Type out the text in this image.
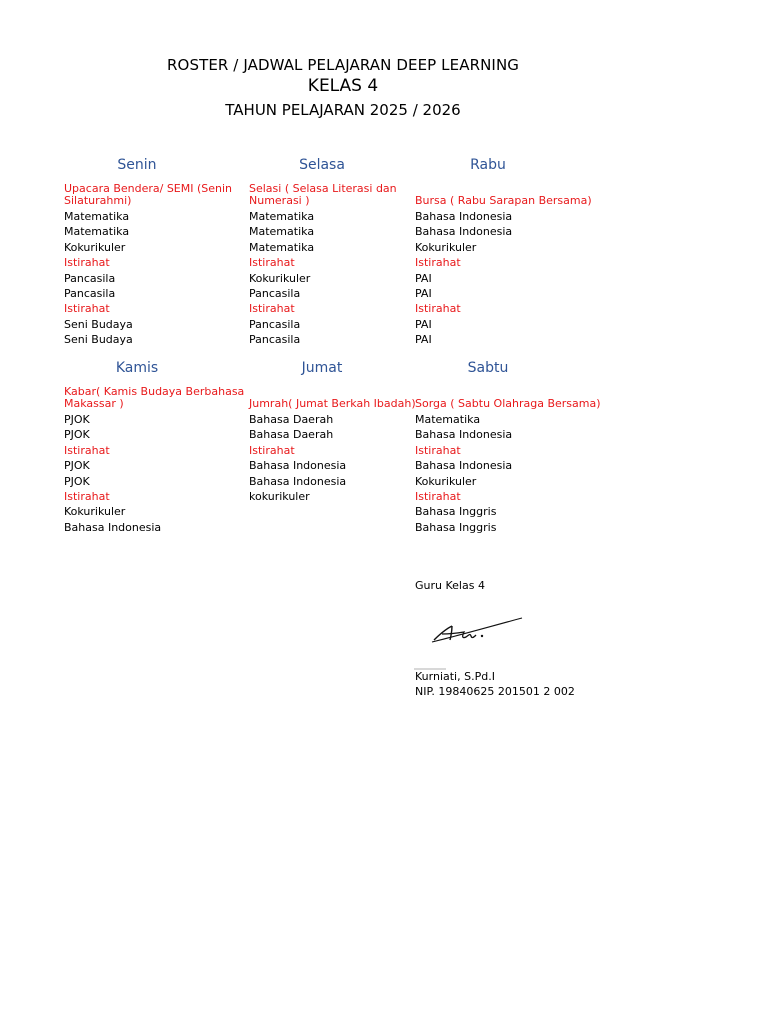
ROSTER / JADWAL PELAJARAN DEEP LEARNING
KELAS 4
TAHUN PELAJARAN 2025 / 2026
Senin
Upacara Bendera/ SEMI (Senin Silaturahmi)
Matematika
Matematika
Kokurikuler
Istirahat
Pancasila
Pancasila
Istirahat
Seni Budaya
Seni Budaya
Selasa
Selasi ( Selasa Literasi dan Numerasi )
Matematika
Matematika
Matematika
Istirahat
Kokurikuler
Pancasila
Istirahat
Pancasila
Pancasila
Rabu
Bursa ( Rabu Sarapan Bersama)
Bahasa Indonesia
Bahasa Indonesia
Kokurikuler
Istirahat
PAI
PAI
Istirahat
PAI
PAI
Kamis
Kabar( Kamis Budaya Berbahasa Makassar )
PJOK
PJOK
Istirahat
PJOK
PJOK
Istirahat
Kokurikuler
Bahasa Indonesia
Jumat
Jumrah( Jumat Berkah Ibadah)
Bahasa Daerah
Bahasa Daerah
Istirahat
Bahasa Indonesia
Bahasa Indonesia
kokurikuler
Sabtu
Sorga ( Sabtu Olahraga Bersama)
Matematika
Bahasa Indonesia
Istirahat
Bahasa Indonesia
Kokurikuler
Istirahat
Bahasa Inggris
Bahasa Inggris
Guru Kelas 4
Kurniati, S.Pd.I
NIP. 19840625 201501 2 002
